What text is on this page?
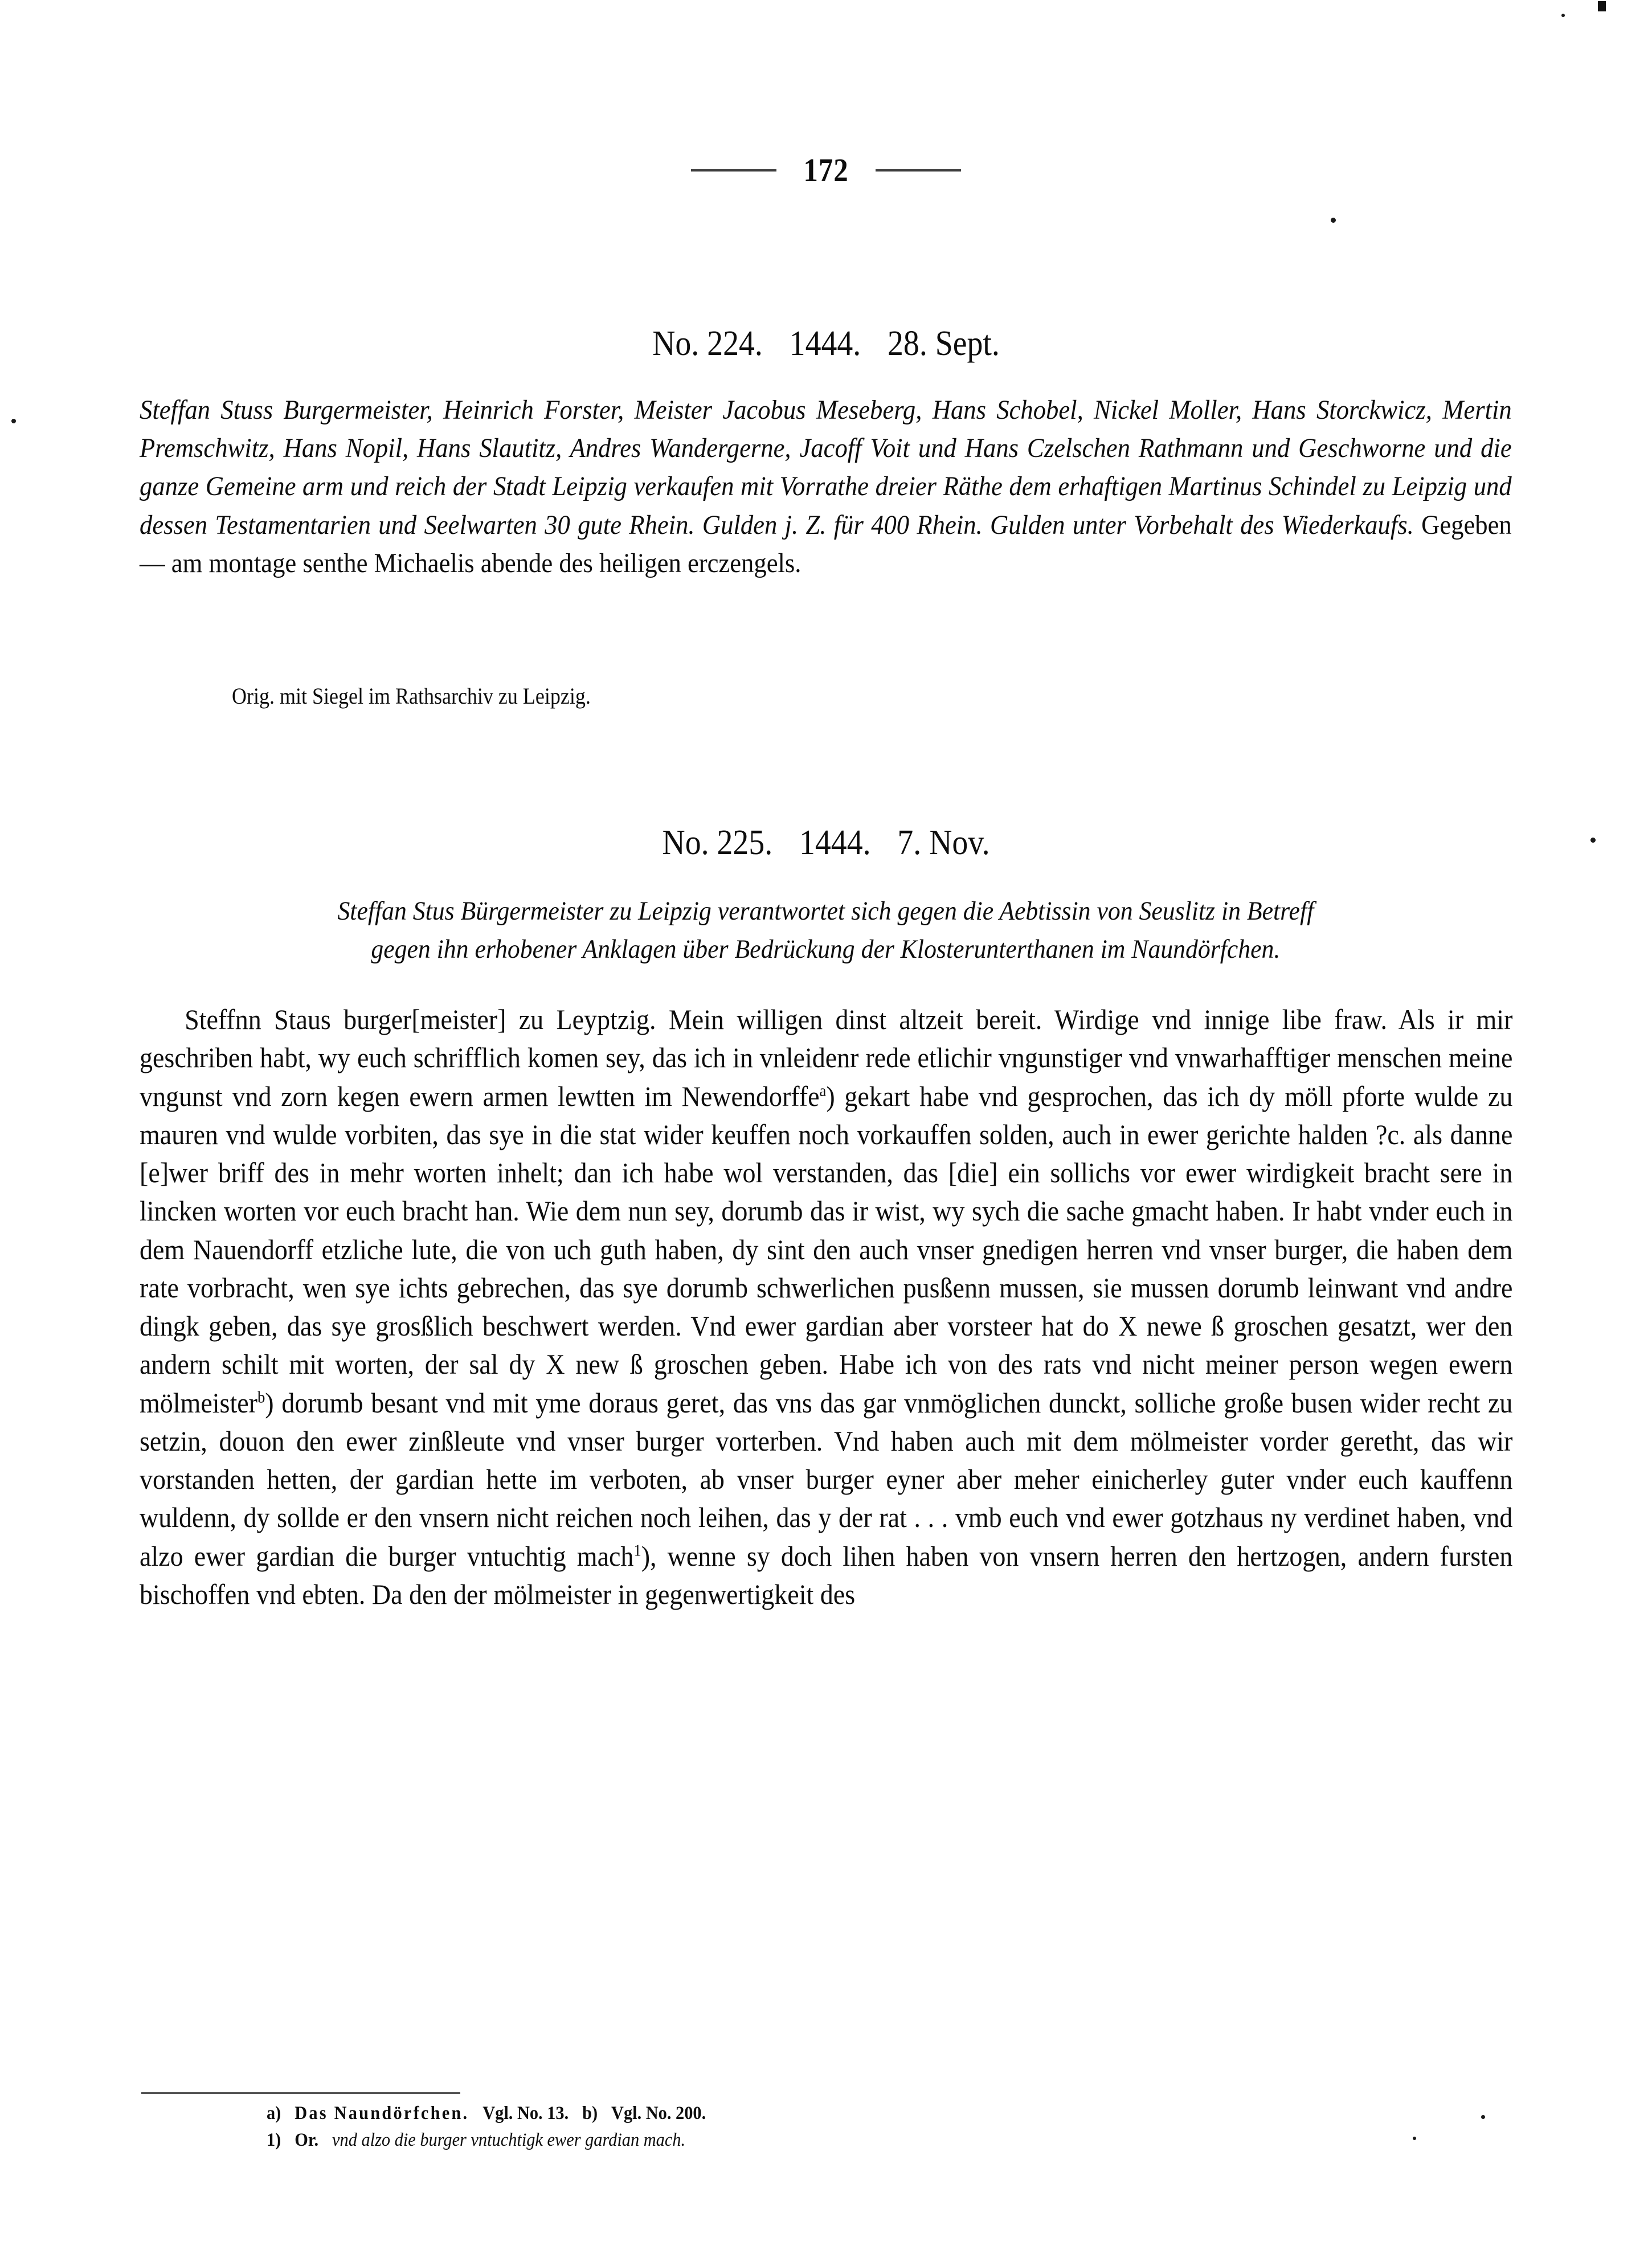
172
No. 224. 1444. 28. Sept.

Steffan Stuss Burgermeister, Heinrich Forster, Meister Jacobus Meseberg, Hans Schobel, Nickel Moller, Hans Storckwicz, Mertin Premschwitz, Hans Nopil, Hans Slautitz, Andres Wandergerne, Jacoff Voit und Hans Czelschen Rathmann und Geschworne und die ganze Gemeine arm und reich der Stadt Leipzig verkaufen mit Vorrathe dreier Räthe dem erhaftigen Martinus Schindel zu Leipzig und dessen Testamentarien und Seelwarten 30 gute Rhein. Gulden j. Z. für 400 Rhein. Gulden unter Vorbehalt des Wiederkaufs. Gegeben — am montage senthe Michaelis abende des heiligen erczengels.

Orig. mit Siegel im Rathsarchiv zu Leipzig.

No. 225. 1444. 7. Nov.

Steffan Stus Bürgermeister zu Leipzig verantwortet sich gegen die Aebtissin von Seuslitz in Betreff

gegen ihn erhobener Anklagen über Bedrückung der Klosterunterthanen im Naundörfchen.

Steffnn Staus burger[meister] zu Leyptzig. Mein willigen dinst altzeit bereit. Wirdige vnd innige libe fraw. Als ir mir geschriben habt, wy euch schrifflich komen sey, das ich in vnleidenr rede etlichir vngunstiger vnd vnwarhafftiger menschen meine vngunst vnd zorn kegen ewern armen lewtten im Newendorffe$^a$) gekart habe vnd gesprochen, das ich dy möll pforte wulde zu mauren vnd wulde vorbiten, das sye in die stat wider keuffen noch vorkauffen solden, auch in ewer gerichte halden ?c. als danne [e]wer briff des in mehr worten inhelt; dan ich habe wol verstanden, das [die] ein sollichs vor ewer wirdigkeit bracht sere in lincken worten vor euch bracht han. Wie dem nun sey, dorumb das ir wist, wy sych die sache gmacht haben. Ir habt vnder euch in dem Nauendorff etzliche lute, die von uch guth haben, dy sint den auch vnser gnedigen herren vnd vnser burger, die haben dem rate vorbracht, wen sye ichts gebrechen, das sye dorumb schwerlichen pusßenn mussen, sie mussen dorumb leinwant vnd andre dingk geben, das sye grosßlich beschwert werden. Vnd ewer gardian aber vorsteer hat do X newe ß groschen gesatzt, wer den andern schilt mit worten, der sal dy X new ß groschen geben. Habe ich von des rats vnd nicht meiner person wegen ewern mölmeister$^b$) dorumb besant vnd mit yme doraus geret, das vns das gar vnmöglichen dunckt, solliche große busen wider recht zu setzin, douon den ewer zinßleute vnd vnser burger vorterben. Vnd haben auch mit dem mölmeister vorder geretht, das wir vorstanden hetten, der gardian hette im verboten, ab vnser burger eyner aber meher einicherley guter vnder euch kauffenn wuldenn, dy sollde er den vnsern nicht reichen noch leihen, das y der rat . . . vmb euch vnd ewer gotzhaus ny verdinet haben, vnd alzo ewer gardian die burger vntuchtig mach$^1$), wenne sy doch lihen haben von vnsern herren den hertzogen, andern fursten bischoffen vnd ebten. Da den der mölmeister in gegenwertigkeit des

a) Das Naundörfchen. Vgl. No. 13. b) Vgl. No. 200.

1) Or. vnd alzo die burger vntuchtigk ewer gardian mach.
